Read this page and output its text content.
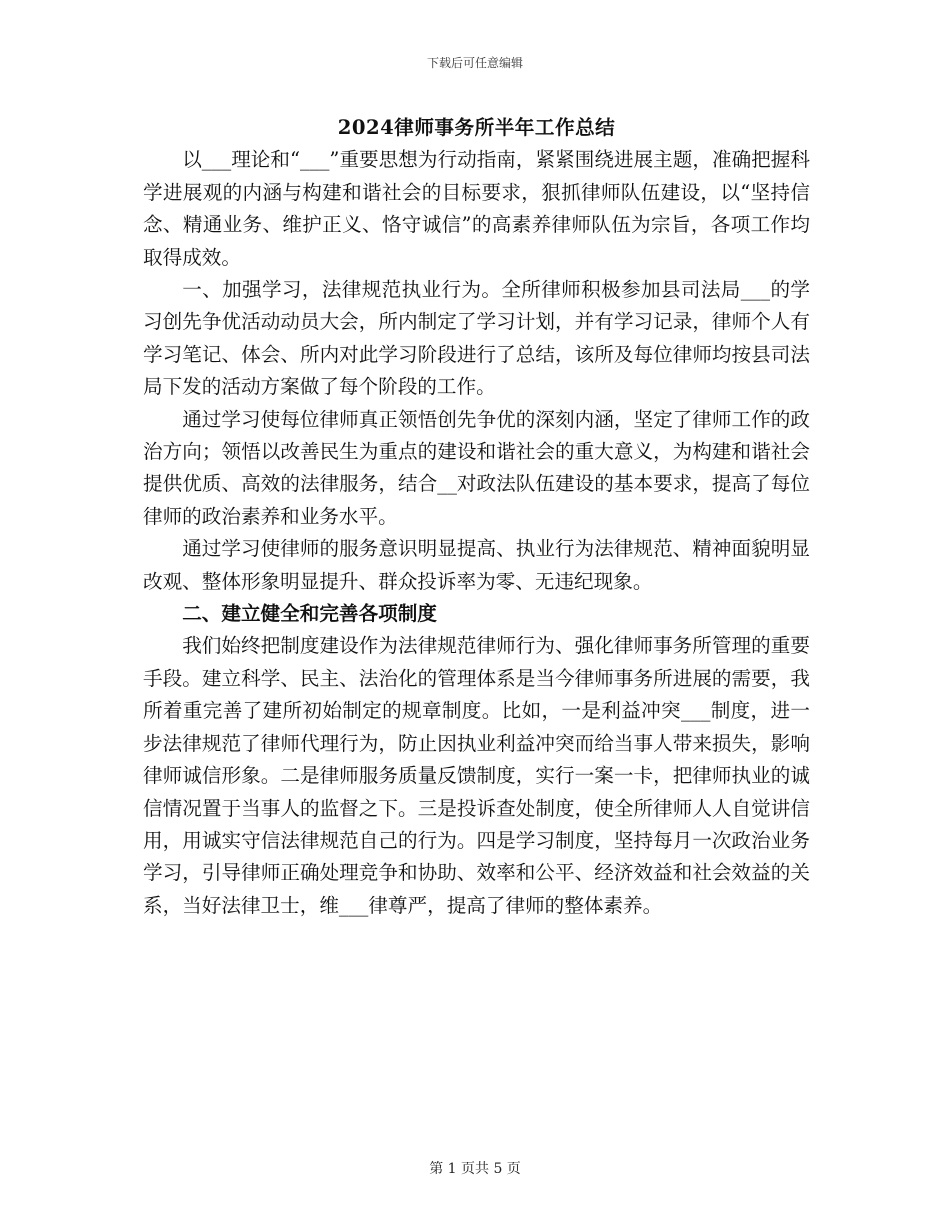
下载后可任意编辑
2024律师事务所半年工作总结

以___理论和“___”重要思想为行动指南，紧紧围绕进展主题，准确把握科学进展观的内涵与构建和谐社会的目标要求，狠抓律师队伍建设，以“坚持信念、精通业务、维护正义、恪守诚信”的高素养律师队伍为宗旨，各项工作均取得成效。

一、加强学习，法律规范执业行为。全所律师积极参加县司法局___的学习创先争优活动动员大会，所内制定了学习计划，并有学习记录，律师个人有学习笔记、体会、所内对此学习阶段进行了总结，该所及每位律师均按县司法局下发的活动方案做了每个阶段的工作。

通过学习使每位律师真正领悟创先争优的深刻内涵，坚定了律师工作的政治方向；领悟以改善民生为重点的建设和谐社会的重大意义，为构建和谐社会提供优质、高效的法律服务，结合__对政法队伍建设的基本要求，提高了每位律师的政治素养和业务水平。

通过学习使律师的服务意识明显提高、执业行为法律规范、精神面貌明显改观、整体形象明显提升、群众投诉率为零、无违纪现象。

二、建立健全和完善各项制度

我们始终把制度建设作为法律规范律师行为、强化律师事务所管理的重要手段。建立科学、民主、法治化的管理体系是当今律师事务所进展的需要，我所着重完善了建所初始制定的规章制度。比如，一是利益冲突___制度，进一步法律规范了律师代理行为，防止因执业利益冲突而给当事人带来损失，影响律师诚信形象。二是律师服务质量反馈制度，实行一案一卡，把律师执业的诚信情况置于当事人的监督之下。三是投诉查处制度，使全所律师人人自觉讲信用，用诚实守信法律规范自己的行为。四是学习制度，坚持每月一次政治业务学习，引导律师正确处理竞争和协助、效率和公平、经济效益和社会效益的关系，当好法律卫士，维___律尊严，提高了律师的整体素养。

第 1 页共 5 页
